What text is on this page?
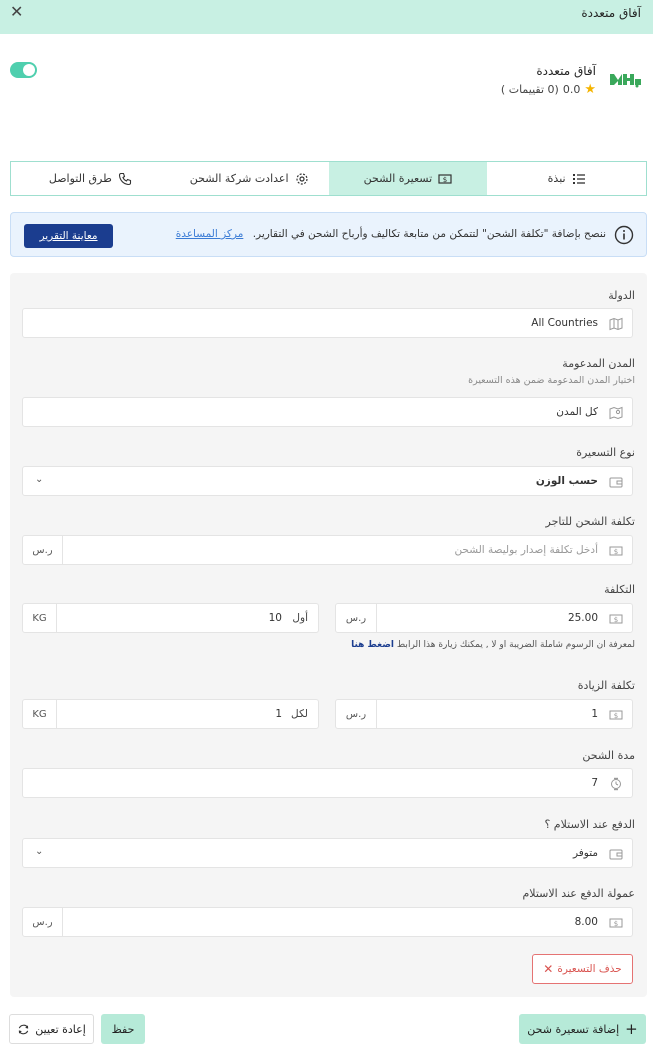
آفاق متعددة
✕
آفاق متعددة
★
0.0
(0 تقييمات )
نبذة
$
تسعيرة الشحن
اعدادت شركة الشحن
طرق التواصل
ننصح بإضافة "تكلفة الشحن" لتتمكن من متابعة تكاليف وأرباح الشحن في التقارير. مركز المساعدة
معاينة التقرير
الدولة
All Countries
المدن المدعومة
اختيار المدن المدعومة ضمن هذه التسعيرة
كل المدن
نوع التسعيرة
حسب الوزن
⌄
تكلفة الشحن للتاجر
$
أدخل تكلفة إصدار بوليصة الشحن
ر.س
التكلفة
$
25.00
ر.س
أول
10
KG
لمعرفة ان الرسوم شاملة الضريبة او لا , يمكنك زيارة هذا الرابط اضغط هنا
تكلفة الزيادة
$
1
ر.س
لكل
1
KG
مدة الشحن
7
الدفع عند الاستلام ؟
متوفر
⌄
عمولة الدفع عند الاستلام
$
8.00
ر.س
حذف التسعيرة
✕
+
إضافة تسعيرة شحن
حفظ
إعادة تعيين
